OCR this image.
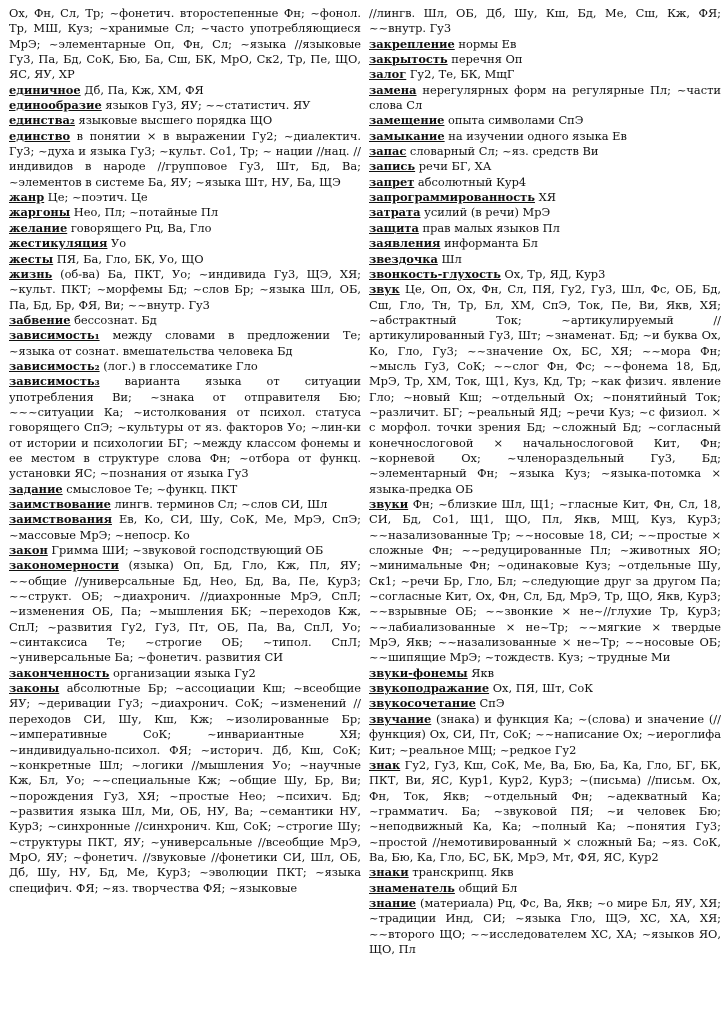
Ох, Фн, Сл, Тр; ~фонетич. второстепенные Фн; ~фонол. Тр, МШ, Куз; ~хранимые Сл; ~часто употребляющиеся МрЭ; ~элементарные Оп, Фн, Сл; ~языка //языковые Гу3, Па, Бд, СоК, Бю, Ба, Сш, БК, МрО, Ск2, Тр, Пе, ЩО, ЯС, ЯУ, ХР

единичное Дб, Па, Кж, ХМ, ФЯ

единообразие языков Гу3, ЯУ; ~~статистич. ЯУ

единства₂ языковые высшего порядка ЩО

единство в понятии × в выражении Гу2; ~диалектич. Гу3; ~духа и языка Гу3; ~культ. Со1, Тр; ~ нации //нац. //индивидов в народе //групповое Гу3, Шт, Бд, Ва; ~элементов в системе Ба, ЯУ; ~языка Шт, НУ, Ба, ЩЭ

жанр Це; ~поэтич. Це

жаргоны Нео, Пл; ~потайные Пл

желание говорящего Рц, Ва, Гло

жестикуляция Уо

жесты ПЯ, Ба, Гло, БК, Уо, ЩО

жизнь (об-ва) Ба, ПКТ, Уо; ~индивида Гу3, ЩЭ, ХЯ; ~культ. ПКТ; ~морфемы Бд; ~слов Бр; ~языка Шл, ОБ, Па, Бд, Бр, ФЯ, Ви; ~~внутр. Гу3

забвение бессознат. Бд

зависимость₁ между словами в предложении Те; ~языка от сознат. вмешательства человека Бд

зависимость₂ (лог.) в глоссематике Гло

зависимость₃ варианта языка от ситуации употребления Ви; ~знака от отправителя Бю; ~~~ситуации Ка; ~истолкования от психол. статуса говорящего СпЭ; ~культуры от яз. факторов Уо; ~лин-ки от истории и психологии БГ; ~между классом фонемы и ее местом в структуре слова Фн; ~отбора от функц. установки ЯС; ~познания от языка Гу3

задание смысловое Те; ~функц. ПКТ

заимствование лингв. терминов Сл; ~слов СИ, Шл

заимствования Ев, Ко, СИ, Шу, СоК, Ме, МрЭ, СпЭ; ~массовые МрЭ; ~непоср. Ко

закон Гримма ШИ; ~звуковой господствующий ОБ

закономерности (языка) Оп, Бд, Гло, Кж, Пл, ЯУ; ~~общие //универсальные Бд, Нео, Бд, Ва, Пе, Кур3; ~~структ. ОБ; ~диахронич. //диахронные МрЭ, СпЛ; ~изменения ОБ, Па; ~мышления БК; ~переходов Кж, СпЛ; ~развития Гу2, Гу3, Пт, ОБ, Па, Ва, СпЛ, Уо; ~синтаксиса Те; ~строгие ОБ; ~типол. СпЛ; ~универсальные Ба; ~фонетич. развития СИ

законченность организации языка Гу2

законы абсолютные Бр; ~ассоциации Кш; ~всеобщие ЯУ; ~деривации Гу3; ~диахронич. СоК; ~изменений //переходов СИ, Шу, Кш, Кж; ~изолированные Бр; ~императивные СоК; ~инвариантные ХЯ; ~индивидуально-психол. ФЯ; ~историч. Дб, Кш, СоК; ~конкретные Шл; ~логики //мышления Уо; ~научные Кж, Бл, Уо; ~~специальные Кж; ~общие Шу, Бр, Ви; ~порождения Гу3, ХЯ; ~простые Нео; ~психич. Бд; ~развития языка Шл, Ми, ОБ, НУ, Ва; ~семантики НУ, Кур3; ~синхронные //синхронич. Кш, СоК; ~строгие Шу; ~структуры ПКТ, ЯУ; ~универсальные //всеобщие МрЭ, МрО, ЯУ; ~фонетич. //звуковые //фонетики СИ, Шл, ОБ, Дб, Шу, НУ, Бд, Ме, Кур3; ~эволюции ПКТ; ~языка специфич. ФЯ; ~яз. творчества ФЯ; ~языковые

//лингв. Шл, ОБ, Дб, Шу, Кш, Бд, Ме, Сш, Кж, ФЯ; ~~внутр. Гу3

закрепление нормы Ев

закрытость перечня Оп

залог Гу2, Те, БК, МщГ

замена нерегулярных форм на регулярные Пл; ~части слова Сл

замещение опыта символами СпЭ

замыкание на изучении одного языка Ев

запас словарный Сл; ~яз. средств Ви

запись речи БГ, ХА

запрет абсолютный Кур4

запрограммированность ХЯ

затрата усилий (в речи) МрЭ

защита прав малых языков Пл

заявления информанта Бл

звездочка Шл

звонкость-глухость Ох, Тр, ЯД, Кур3

звук Це, Оп, Ох, Фн, Сл, ПЯ, Гу2, Гу3, Шл, Фс, ОБ, Бд, Сш, Гло, Тн, Тр, Бл, ХМ, СпЭ, Ток, Пе, Ви, Якв, ХЯ; ~абстрактный Ток; ~артикулируемый //артикулированный Гу3, Шт; ~знаменат. Бд; ~и буква Ох, Ко, Гло, Гу3; ~~значение Ох, БС, ХЯ; ~~мора Фн; ~мысль Гу3, СоК; ~~слог Фн, Фс; ~~фонема 18, Бд, МрЭ, Тр, ХМ, Ток, Щ1, Куз, Кд, Тр; ~как физич. явление Гло; ~новый Кш; ~отдельный Ох; ~понятийный Ток; ~различит. БГ; ~реальный ЯД; ~речи Куз; ~с физиол. × с морфол. точки зрения Бд; ~сложный Бд; ~согласный конечнослоговой × начальнослоговой Кит, Фн; ~корневой Ох; ~членораздельный Гу3, Бд; ~элементарный Фн; ~языка Куз; ~языка-потомка × языка-предка ОБ

звуки Фн; ~близкие Шл, Щ1; ~гласные Кит, Фн, Сл, 18, СИ, Бд, Со1, Щ1, ЩО, Пл, Якв, МЩ, Куз, Кур3; ~~назализованные Тр; ~~носовые 18, СИ; ~~простые × сложные Фн; ~~редуцированные Пл; ~животных ЯО; ~минимальные Фн; ~одинаковые Куз; ~отдельные Шу, Ск1; ~речи Бр, Гло, Бл; ~следующие друг за другом Па; ~согласные Кит, Ох, Фн, Сл, Бд, МрЭ, Тр, ЩО, Якв, Кур3; ~~взрывные ОБ; ~~звонкие × не~//глухие Тр, Кур3; ~~лабиализованные × не~Тр; ~~мягкие × твердые МрЭ, Якв; ~~назализованные × не~Тр; ~~носовые ОБ; ~~шипящие МрЭ; ~тождеств. Куз; ~трудные Ми

звуки-фонемы Якв

звукоподражание Ох, ПЯ, Шт, СоК

звукосочетание СпЭ

звучание (знака) и функция Ка; ~(слова) и значение (//функция) Ох, СИ, Пт, СоК; ~~написание Ох; ~иероглифа Кит; ~реальное МЩ; ~редкое Гу2

знак Гу2, Гу3, Кш, СоК, Ме, Ва, Бю, Ба, Ка, Гло, БГ, БК, ПКТ, Ви, ЯС, Кур1, Кур2, Кур3; ~(письма) //письм. Ох, Фн, Ток, Якв; ~отдельный Фн; ~адекватный Ка; ~грамматич. Ба; ~звуковой ПЯ; ~и человек Бю; ~неподвижный Ка, Ка; ~полный Ка; ~понятия Гу3; ~простой //немотивированный × сложный Ба; ~яз. СоК, Ва, Бю, Ка, Гло, БС, БК, МрЭ, Мт, ФЯ, ЯС, Кур2

знаки транскрипц. Якв

знаменатель общий Бл

знание (материала) Рц, Фс, Ва, Якв; ~о мире Бл, ЯУ, ХЯ; ~традиции Инд, СИ; ~языка Гло, ЩЭ, ХС, ХА, ХЯ; ~~второго ЩО; ~~исследователем ХС, ХА; ~языков ЯО, ЩО, Пл
